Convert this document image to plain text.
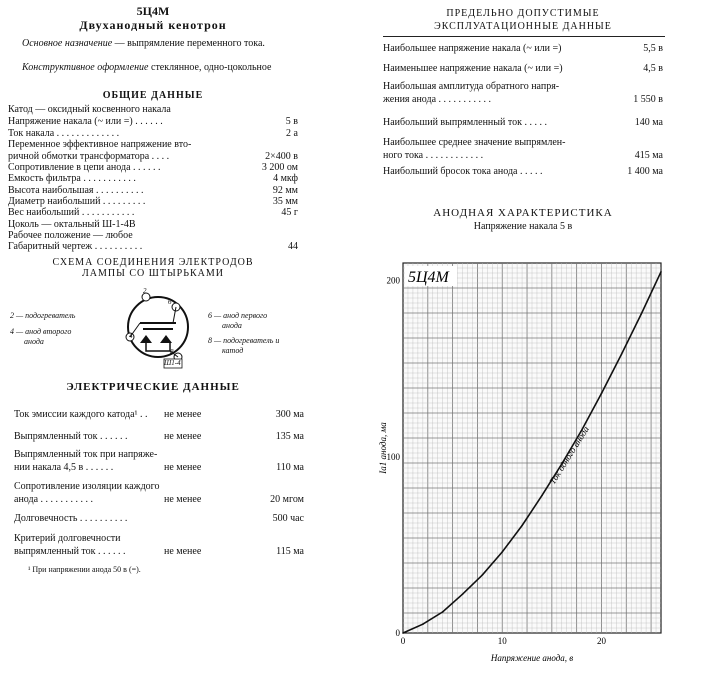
5Ц4М
Двуханодный кенотрон
Основное назначение — выпрямление переменного тока.
Конструктивное оформление стеклянное, одно-цокольное
ОБЩИЕ ДАННЫЕ
Катод — оксидный косвенного накала
Напряжение накала (~ или =) . . . . . .	5 в
Ток накала . . . . . . . . . . . . .	2 а
Переменное эффективное напряжение вто-
ричной обмотки трансформатора . . . .	2×400 в
Сопротивление в цепи анода . . . . . .	3 200 ом
Емкость фильтра . . . . . . . . . . .	4 мкф
Высота наибольшая . . . . . . . . . .	92 мм
Диаметр наибольший . . . . . . . . .	35 мм
Вес наибольший . . . . . . . . . . .	45 г
Цоколь — октальный Ш-1-4В
Рабочее положение — любое
Габаритный чертеж . . . . . . . . . .	44
СХЕМА СОЕДИНЕНИЯ ЭЛЕКТРОДОВ
ЛАМПЫ СО ШТЫРЬКАМИ
Ш1-4
2 — подогреватель
4 — анод второго
анода
6 — анод первого
анода
8 — подогреватель и
катод
2
4
6
8
ЭЛЕКТРИЧЕСКИЕ ДАННЫЕ
Ток эмиссии каждого катода¹ . .	не менее	300 ма
Выпрямленный ток . . . . . .	не менее	135 ма
Выпрямленный ток при напряже-
нии накала 4,5 в . . . . . .	не менее	110 ма
Сопротивление изоляции каждого
анода . . . . . . . . . . .	не менее	20 мгом
Долговечность . . . . . . . . . .	500 час
Критерий долговечности
выпрямленный ток . . . . . .	не менее	115 ма
¹ При напряжении анода 50 в (=).
ПРЕДЕЛЬНО ДОПУСТИМЫЕ
ЭКСПЛУАТАЦИОННЫЕ ДАННЫЕ
Наибольшее напряжение накала (~ или =)	5,5 в
Наименьшее напряжение накала (~ или =)	4,5 в
Наибольшая амплитуда обратного напря-
жения анода . . . . . . . . . . .	1 550 в
Наибольший выпрямленный ток . . . . .	140 ма
Наибольшее среднее значение выпрямлен-
ного тока . . . . . . . . . . . .	415 ма
Наибольший бросок тока анода . . . . .	1 400 ма
АНОДНАЯ ХАРАКТЕРИСТИКА
Напряжение накала 5 в
0	10	20
0
100
200 5Ц4М
Напряжение анода, в
Iа1 анода, ма	Ток одного анода
